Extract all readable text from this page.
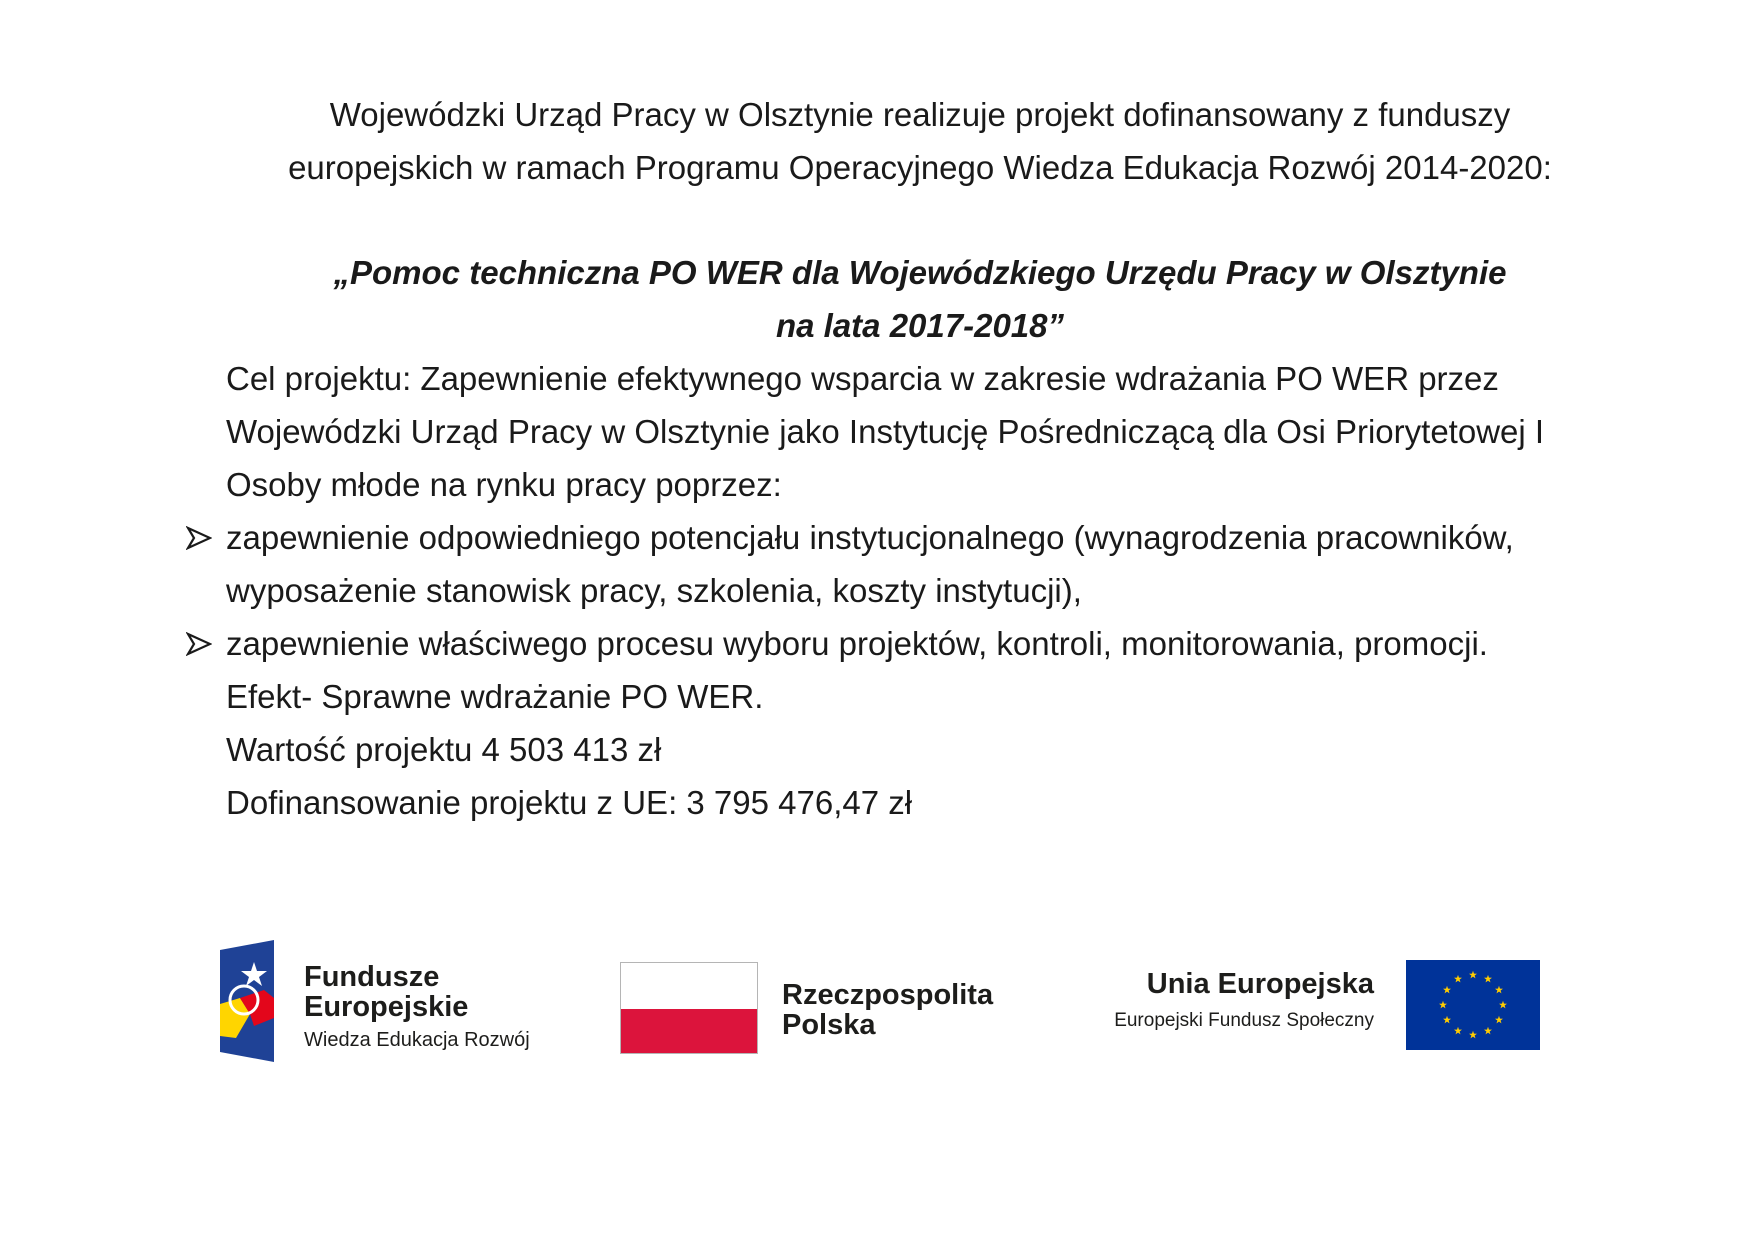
Wojewódzki Urząd Pracy w Olsztynie realizuje projekt dofinansowany z funduszy
europejskich w ramach Programu Operacyjnego Wiedza Edukacja Rozwój 2014-2020:
„Pomoc techniczna PO WER dla Wojewódzkiego Urzędu Pracy w Olsztynie
na lata 2017-2018”

Cel projektu: Zapewnienie efektywnego wsparcia w zakresie wdrażania PO WER przez

Wojewódzki Urząd Pracy w Olsztynie jako Instytucję Pośredniczącą dla Osi Priorytetowej I

Osoby młode na rynku pracy poprzez:

zapewnienie odpowiedniego potencjału instytucjonalnego (wynagrodzenia pracowników,

wyposażenie stanowisk pracy, szkolenia, koszty instytucji),

zapewnienie właściwego procesu wyboru projektów, kontroli, monitorowania, promocji.

Efekt- Sprawne wdrażanie PO WER.

Wartość projektu 4 503 413 zł

Dofinansowanie projektu z UE: 3 795 476,47 zł

Fundusze
Europejskie
Wiedza Edukacja Rozwój
Rzeczpospolita
Polska
Unia Europejska
Europejski Fundusz Społeczny
